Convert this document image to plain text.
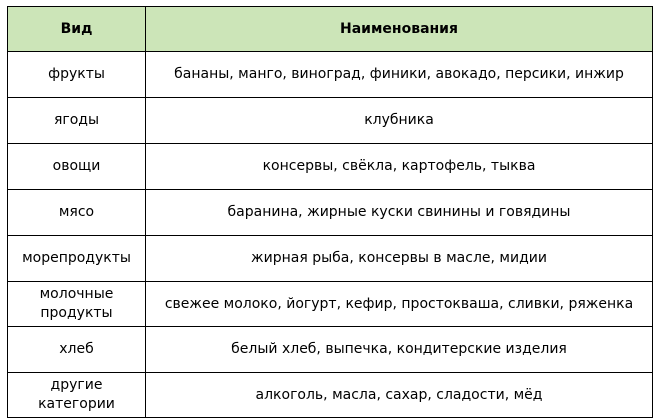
Вид	Наименования
фрукты	бананы, манго, виноград, финики, авокадо, персики, инжир
ягоды	клубника
овощи	консервы, свёкла, картофель, тыква
мясо	баранина, жирные куски свинины и говядины
морепродукты	жирная рыба, консервы в масле, мидии
молочные продукты	свежее молоко, йогурт, кефир, простокваша, сливки, ряженка
хлеб	белый хлеб, выпечка, кондитерские изделия
другие категории	алкоголь, масла, сахар, сладости, мёд
